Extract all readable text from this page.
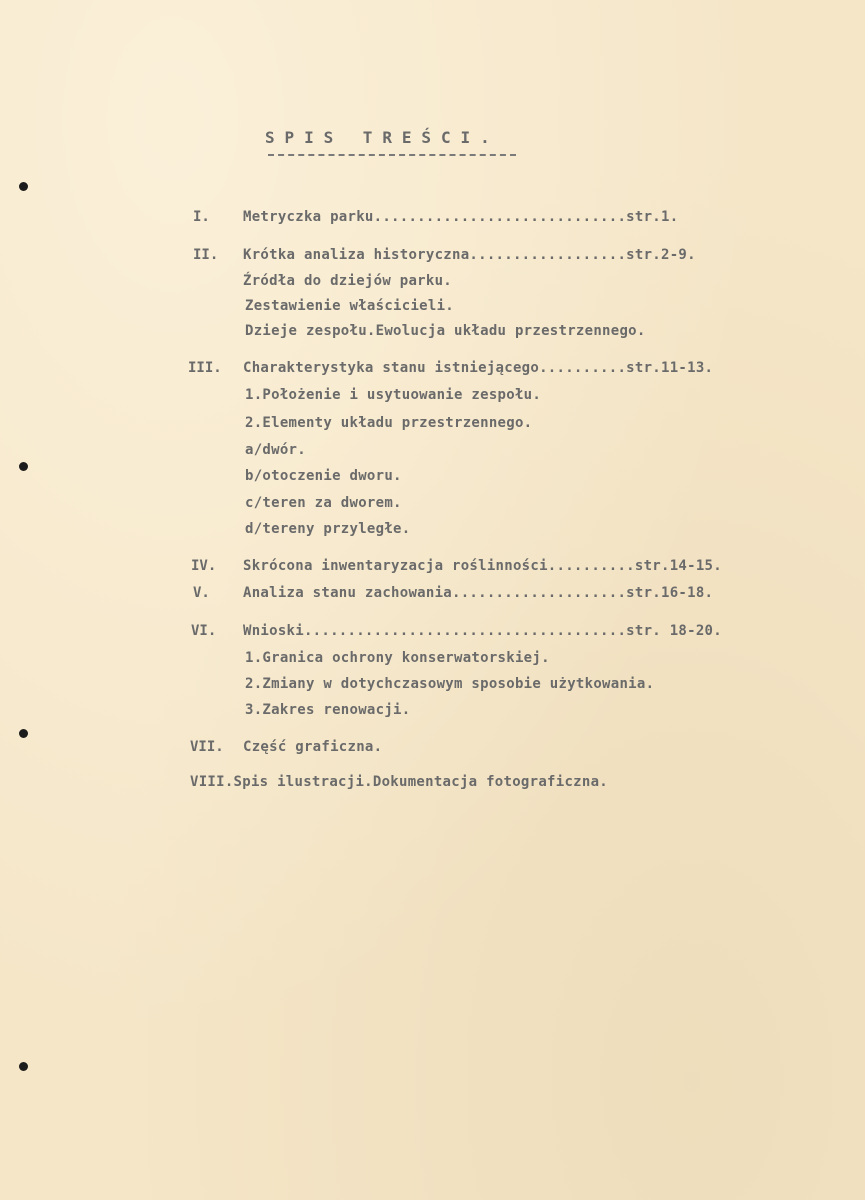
SPIS TREŚCI.
I. Metryczka parku.............................str.1.
II. Krótka analiza historyczna..................str.2-9.
Źródła do dziejów parku.
Zestawienie właścicieli.
Dzieje zespołu.Ewolucja układu przestrzennego.
III. Charakterystyka stanu istniejącego..........str.11-13.
1.Położenie i usytuowanie zespołu.
2.Elementy układu przestrzennego.
a/dwór.
b/otoczenie dworu.
c/teren za dworem.
d/tereny przyległe.
IV. Skrócona inwentaryzacja roślinności..........str.14-15.
V. Analiza stanu zachowania....................str.16-18.
VI. Wnioski.....................................str. 18-20.
1.Granica ochrony konserwatorskiej.
2.Zmiany w dotychczasowym sposobie użytkowania.
3.Zakres renowacji.
VII. Część graficzna.
VIII.Spis ilustracji.Dokumentacja fotograficzna.
